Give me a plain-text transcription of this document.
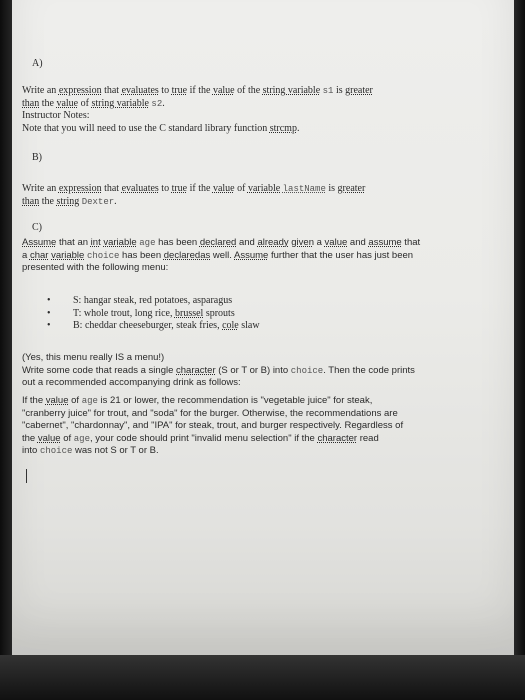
A)

Write an expression that evaluates to true if the value of the string variable s1 is greater
than the value of string variable s2.
Instructor Notes:
Note that you will need to use the C standard library function strcmp.

B)

Write an expression that evaluates to true if the value of variable lastName is greater
than the string Dexter.

C)

Assume that an int variable age has been declared and already given a value and assume that
a char variable choice has been declaredas well. Assume further that the user has just been
presented with the following menu:

• S: hangar steak, red potatoes, asparagus
• T: whole trout, long rice, brussel sprouts
• B: cheddar cheeseburger, steak fries, cole slaw

(Yes, this menu really IS a menu!)
Write some code that reads a single character (S or T or B) into choice. Then the code prints
out a recommended accompanying drink as follows:

If the value of age is 21 or lower, the recommendation is "vegetable juice" for steak,
"cranberry juice" for trout, and "soda" for the burger. Otherwise, the recommendations are
"cabernet", "chardonnay", and "IPA" for steak, trout, and burger respectively. Regardless of
the value of age, your code should print "invalid menu selection" if the character read
into choice was not S or T or B.
